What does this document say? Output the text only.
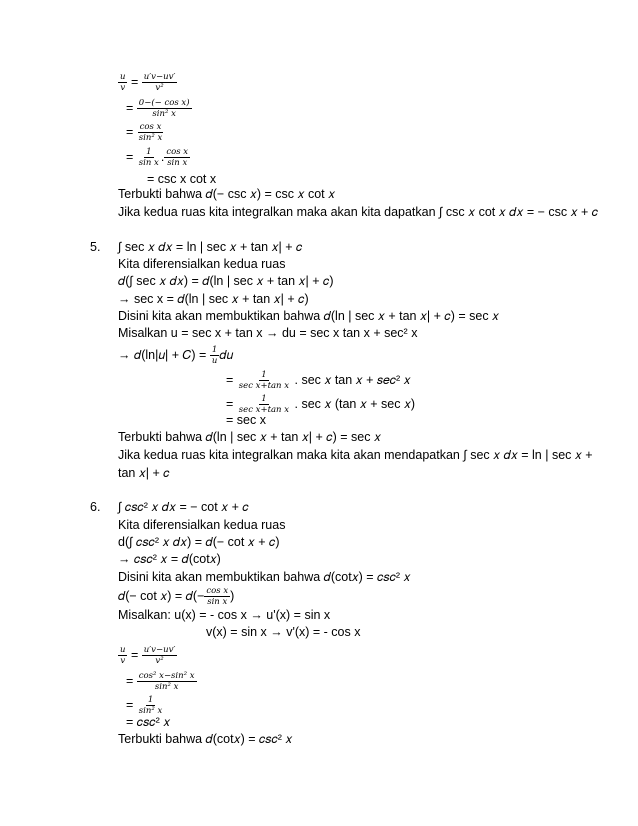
$\frac{u}{v} = \frac{u'v-uv'}{\text{v²}}$
= $\frac{\text{0−(− cos x)}}{\text{sin² x}}$
= $\frac{\text{cos x}}{\text{sin² x}}$
= $\frac{1}{\text{sin x}}$ . $\frac{\text{cos x}}{\text{sin x}}$
= csc x cot x
Terbukti bahwa 𝑑(− csc 𝑥) = csc 𝑥 cot 𝑥
Jika kedua ruas kita integralkan maka akan kita dapatkan ∫ csc 𝑥 cot 𝑥 𝑑𝑥 = − csc 𝑥 + 𝑐
5. ∫ sec 𝑥 𝑑𝑥 = ln | sec 𝑥 + tan 𝑥| + 𝑐
Kita diferensialkan kedua ruas
𝑑(∫ sec 𝑥 𝑑𝑥) = 𝑑(ln | sec 𝑥 + tan 𝑥| + 𝑐)
→ sec x = 𝑑(ln | sec 𝑥 + tan 𝑥| + 𝑐)
Disini kita akan membuktikan bahwa 𝑑(ln | sec 𝑥 + tan 𝑥| + 𝑐) = sec 𝑥
Misalkan u = sec x + tan x → du = sec x tan x + sec² x
→ 𝑑(ln|𝑢| + 𝐶) = $\frac{1}{u}$ 𝑑𝑢
= $\frac{1}{\text{sec x+tan x}}$ . sec 𝑥 tan 𝑥 + 𝑠𝑒𝑐² 𝑥
= $\frac{1}{\text{sec x+tan x}}$ . sec 𝑥 (tan 𝑥 + sec 𝑥)
= sec x
Terbukti bahwa 𝑑(ln | sec 𝑥 + tan 𝑥| + 𝑐) = sec 𝑥
Jika kedua ruas kita integralkan maka kita akan mendapatkan ∫ sec 𝑥 𝑑𝑥 = ln | sec 𝑥 +
tan 𝑥| + 𝑐
6. ∫ 𝑐𝑠𝑐² 𝑥 𝑑𝑥 = − cot 𝑥 + 𝑐
Kita diferensialkan kedua ruas
d(∫ 𝑐𝑠𝑐² 𝑥 𝑑𝑥) = 𝑑(− cot 𝑥 + 𝑐)
→ 𝑐𝑠𝑐² 𝑥 = 𝑑(cot𝑥)
Disini kita akan membuktikan bahwa 𝑑(cot𝑥) = 𝑐𝑠𝑐² 𝑥
𝑑(− cot 𝑥) = 𝑑(− $\frac{\text{cos x}}{\text{sin x}}$ )
Misalkan: u(x) = - cos x → u'(x) = sin x
v(x) = sin x → v'(x) = - cos x
$\frac{u}{v} = \frac{u'v-uv'}{\text{v²}}$
= $\frac{\text{cos² x−sin² x}}{\text{sin² x}}$
= $\frac{1}{\text{sin² x}}$
= 𝑐𝑠𝑐² 𝑥
Terbukti bahwa 𝑑(cot𝑥) = 𝑐𝑠𝑐² 𝑥
